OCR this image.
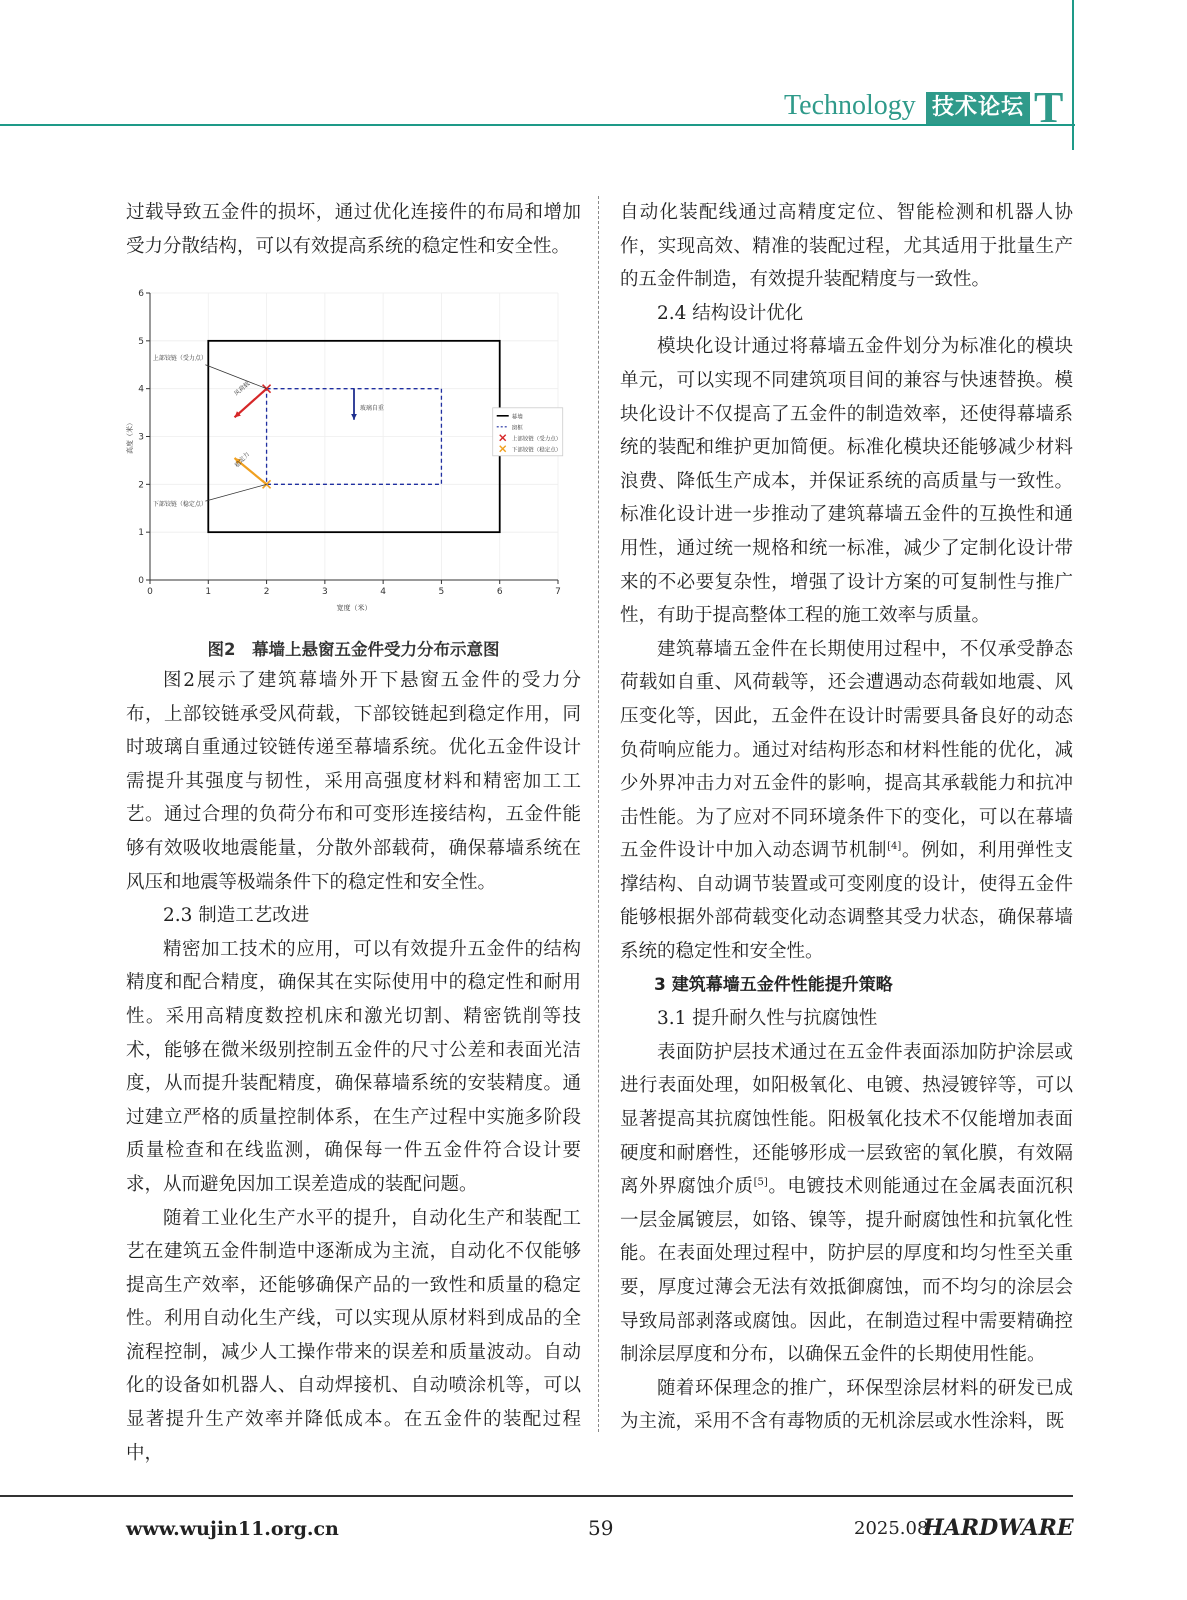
Technology 技术论坛 T

过载导致五金件的损坏，通过优化连接件的布局和增加受力分散结构，可以有效提高系统的稳定性和安全性。

0	1	2	3	4	5	6	7
0
1
2
3
4
5
6
宽度（米）
高度（米）
上部铰链（受力点）
下部铰链（稳定点）
风荷载
稳定力
玻璃自重
幕墙
窗框
上部铰链（受力点）
下部铰链（稳定点）
图2　幕墙上悬窗五金件受力分布示意图

图2展示了建筑幕墙外开下悬窗五金件的受力分布，上部铰链承受风荷载，下部铰链起到稳定作用，同时玻璃自重通过铰链传递至幕墙系统。优化五金件设计需提升其强度与韧性，采用高强度材料和精密加工工艺。通过合理的负荷分布和可变形连接结构，五金件能够有效吸收地震能量，分散外部载荷，确保幕墙系统在风压和地震等极端条件下的稳定性和安全性。

2.3 制造工艺改进

精密加工技术的应用，可以有效提升五金件的结构精度和配合精度，确保其在实际使用中的稳定性和耐用性。采用高精度数控机床和激光切割、精密铣削等技术，能够在微米级别控制五金件的尺寸公差和表面光洁度，从而提升装配精度，确保幕墙系统的安装精度。通过建立严格的质量控制体系，在生产过程中实施多阶段质量检查和在线监测，确保每一件五金件符合设计要求，从而避免因加工误差造成的装配问题。

随着工业化生产水平的提升，自动化生产和装配工艺在建筑五金件制造中逐渐成为主流，自动化不仅能够提高生产效率，还能够确保产品的一致性和质量的稳定性。利用自动化生产线，可以实现从原材料到成品的全流程控制，减少人工操作带来的误差和质量波动。自动化的设备如机器人、自动焊接机、自动喷涂机等，可以显著提升生产效率并降低成本。在五金件的装配过程中，

自动化装配线通过高精度定位、智能检测和机器人协作，实现高效、精准的装配过程，尤其适用于批量生产的五金件制造，有效提升装配精度与一致性。

2.4 结构设计优化

模块化设计通过将幕墙五金件划分为标准化的模块单元，可以实现不同建筑项目间的兼容与快速替换。模块化设计不仅提高了五金件的制造效率，还使得幕墙系统的装配和维护更加简便。标准化模块还能够减少材料浪费、降低生产成本，并保证系统的高质量与一致性。标准化设计进一步推动了建筑幕墙五金件的互换性和通用性，通过统一规格和统一标准，减少了定制化设计带来的不必要复杂性，增强了设计方案的可复制性与推广性，有助于提高整体工程的施工效率与质量。

建筑幕墙五金件在长期使用过程中，不仅承受静态荷载如自重、风荷载等，还会遭遇动态荷载如地震、风压变化等，因此，五金件在设计时需要具备良好的动态负荷响应能力。通过对结构形态和材料性能的优化，减少外界冲击力对五金件的影响，提高其承载能力和抗冲击性能。为了应对不同环境条件下的变化，可以在幕墙五金件设计中加入动态调节机制[4]。例如，利用弹性支撑结构、自动调节装置或可变刚度的设计，使得五金件能够根据外部荷载变化动态调整其受力状态，确保幕墙系统的稳定性和安全性。

3 建筑幕墙五金件性能提升策略

3.1 提升耐久性与抗腐蚀性

表面防护层技术通过在五金件表面添加防护涂层或进行表面处理，如阳极氧化、电镀、热浸镀锌等，可以显著提高其抗腐蚀性能。阳极氧化技术不仅能增加表面硬度和耐磨性，还能够形成一层致密的氧化膜，有效隔离外界腐蚀介质[5]。电镀技术则能通过在金属表面沉积一层金属镀层，如铬、镍等，提升耐腐蚀性和抗氧化性能。在表面处理过程中，防护层的厚度和均匀性至关重要，厚度过薄会无法有效抵御腐蚀，而不均匀的涂层会导致局部剥落或腐蚀。因此，在制造过程中需要精确控制涂层厚度和分布，以确保五金件的长期使用性能。

随着环保理念的推广，环保型涂层材料的研发已成为主流，采用不含有毒物质的无机涂层或水性涂料，既

www.wujin11.org.cn	59	2025.08
HARDWARE
